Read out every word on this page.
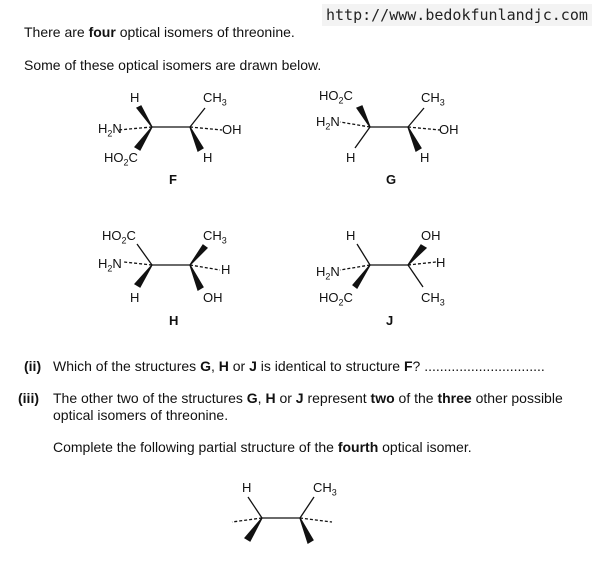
http://www.bedokfunlandjc.com
There are four optical isomers of threonine.
Some of these optical isomers are drawn below.
H	$CH_3$
$H_2N$	OH
$HO_2C$	H
F
$HO_2C$	$CH_3$
$H_2N$
OH
H	H
G
$HO_2C$	$CH_3$
$H_2N$	H
H	OH
H
H	OH
$H_2N$
H
$HO_2C$	$CH_3$
J
(ii) Which of the structures G, H or J is identical to structure F? ...............................
(iii) The other two of the structures G, H or J represent two of the three other possible
optical isomers of threonine.
Complete the following partial structure of the fourth optical isomer.
H	$CH_3$
